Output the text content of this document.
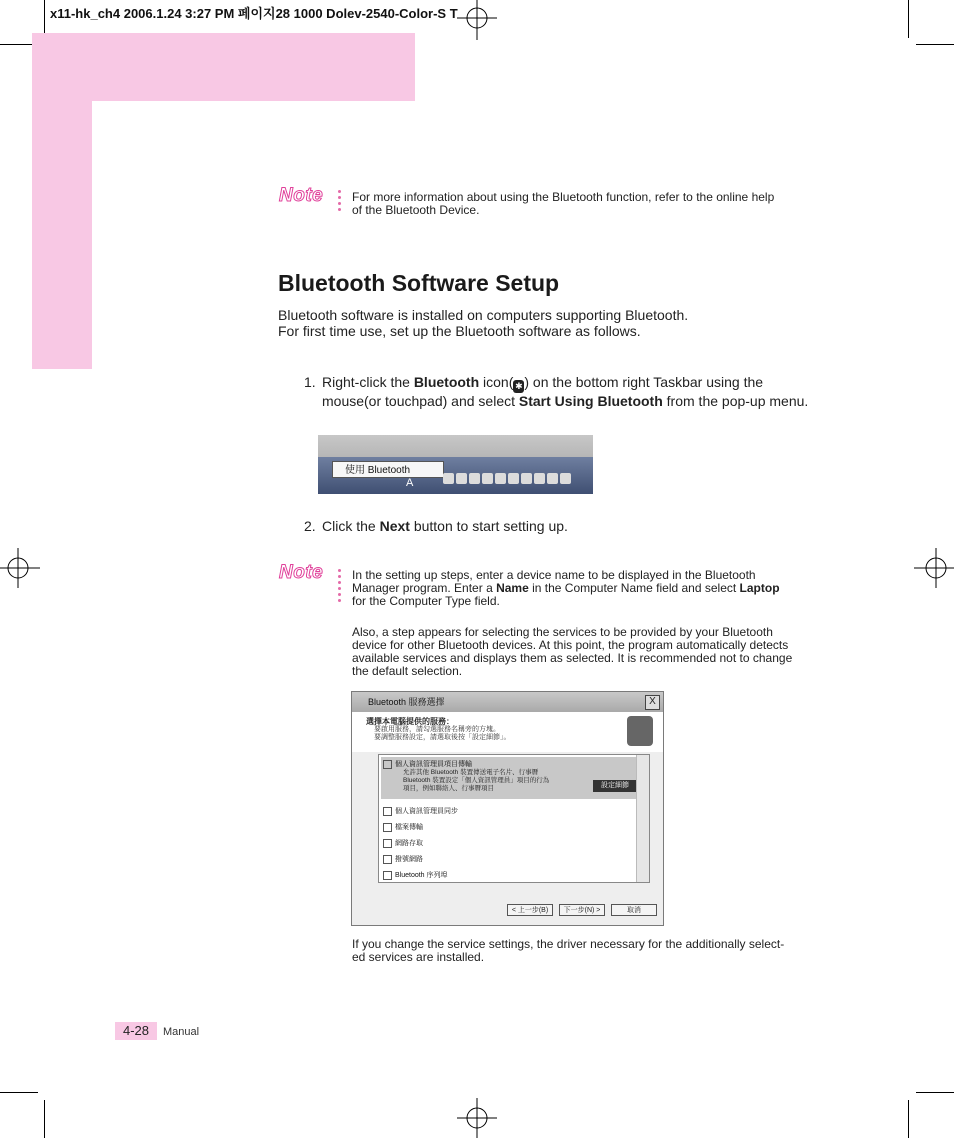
x11-hk_ch4 2006.1.24 3:27 PM 페이지28 1000 Dolev-2540-Color-S T
Note For more information about using the Bluetooth function, refer to the online help
of the Bluetooth Device.
Bluetooth Software Setup
Bluetooth software is installed on computers supporting Bluetooth.
For first time use, set up the Bluetooth software as follows.
1. Right-click the Bluetooth icon( ✱ ) on the bottom right Taskbar using the
mouse(or touchpad) and select Start Using Bluetooth from the pop-up menu.
使用 Bluetooth
A
2. Click the Next button to start setting up.
Note In the setting up steps, enter a device name to be displayed in the Bluetooth
Manager program. Enter a Name in the Computer Name field and select Laptop
for the Computer Type field.
Also, a step appears for selecting the services to be provided by your Bluetooth
device for other Bluetooth devices. At this point, the program automatically detects
available services and displays them as selected. It is recommended not to change
the default selection.
Bluetooth 服務選擇	X
選擇本電腦提供的服務：
要啟用服務，請勾選服務名稱旁的方塊。
要調整服務設定，請選取後按「設定細節」。
個人資訊管理員項目傳輸
允許其他 Bluetooth 裝置傳送電子名片、行事曆
Bluetooth 裝置設定「個人資訊管理員」項目的行為
項目，例如聯絡人、行事曆項目	設定細節
個人資訊管理員同步
檔案傳輸
網路存取
撥號網路
Bluetooth 序列埠
< 上一步(B)	下一步(N) >	取消
If you change the service settings, the driver necessary for the additionally select-
ed services are installed.
4-28	Manual
